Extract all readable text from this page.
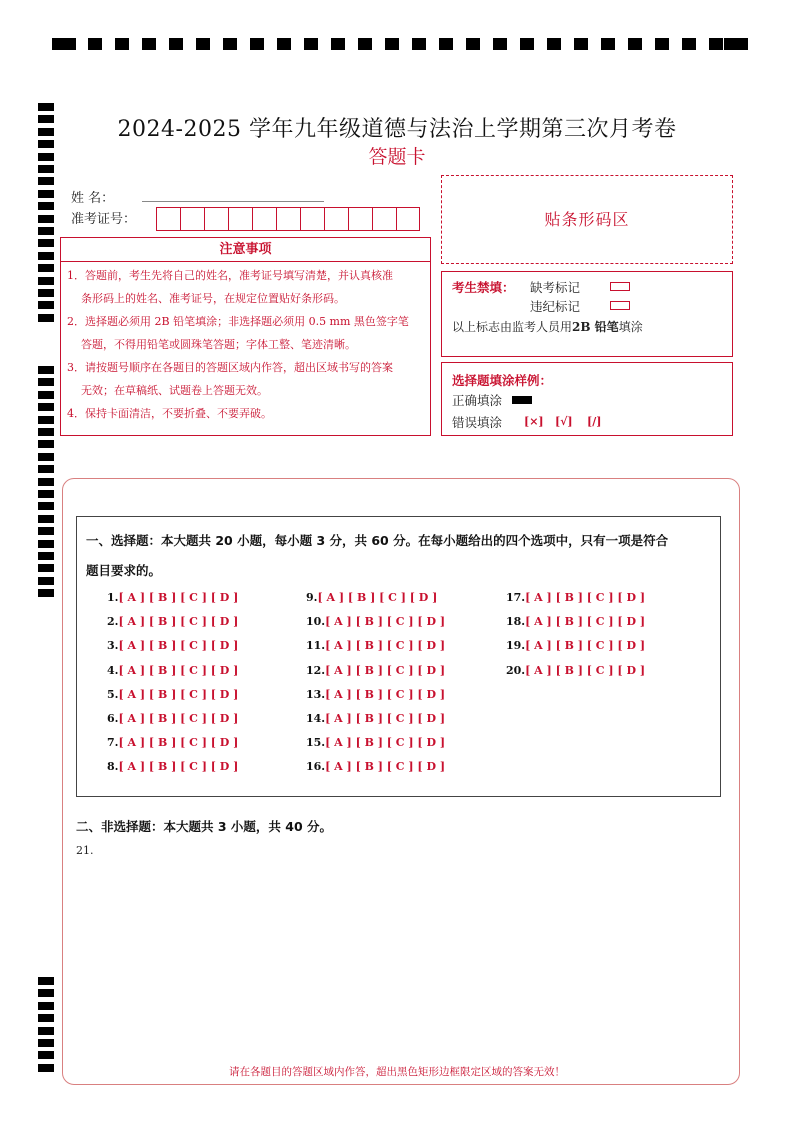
2024-2025 学年九年级道德与法治上学期第三次月考卷
答题卡
姓 名：
准考证号：
注意事项
1．答题前，考生先将自己的姓名，准考证号填写清楚，并认真核准
条形码上的姓名、准考证号，在规定位置贴好条形码。
2．选择题必须用 2B 铅笔填涂；非选择题必须用 0.5 mm 黑色签字笔
答题，不得用铅笔或圆珠笔答题；字体工整、笔迹清晰。
3．请按题号顺序在各题目的答题区域内作答，超出区域书写的答案
无效；在草稿纸、试题卷上答题无效。
4．保持卡面清洁，不要折叠、不要弄破。
贴条形码区
考生禁填： 缺考标记
违纪标记
以上标志由监考人员用2B 铅笔填涂
选择题填涂样例：
正确填涂
错误填涂 [×] [√] [/]
一、选择题：本大题共 20 小题，每小题 3 分，共 60 分。在每小题给出的四个选项中，只有一项是符合
题目要求的。
1.[ A ] [ B ] [ C ] [ D ]
2.[ A ] [ B ] [ C ] [ D ]
3.[ A ] [ B ] [ C ] [ D ]
4.[ A ] [ B ] [ C ] [ D ]
5.[ A ] [ B ] [ C ] [ D ]
6.[ A ] [ B ] [ C ] [ D ]
7.[ A ] [ B ] [ C ] [ D ]
8.[ A ] [ B ] [ C ] [ D ]
9.[ A ] [ B ] [ C ] [ D ]
10.[ A ] [ B ] [ C ] [ D ]
11.[ A ] [ B ] [ C ] [ D ]
12.[ A ] [ B ] [ C ] [ D ]
13.[ A ] [ B ] [ C ] [ D ]
14.[ A ] [ B ] [ C ] [ D ]
15.[ A ] [ B ] [ C ] [ D ]
16.[ A ] [ B ] [ C ] [ D ]
17.[ A ] [ B ] [ C ] [ D ]
18.[ A ] [ B ] [ C ] [ D ]
19.[ A ] [ B ] [ C ] [ D ]
20.[ A ] [ B ] [ C ] [ D ]
二、非选择题：本大题共 3 小题，共 40 分。
21.
请在各题目的答题区域内作答，超出黑色矩形边框限定区域的答案无效！
